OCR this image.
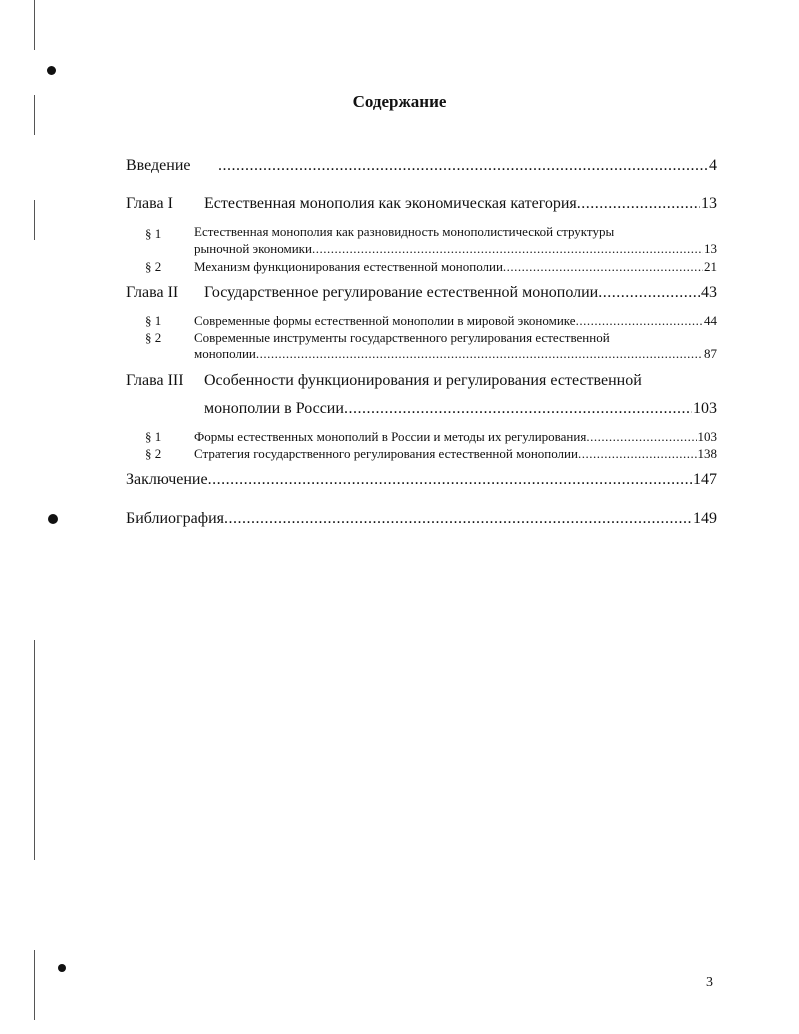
Содержание
Введение .....	4
Глава I	Естественная монополия как экономическая категория .....	13
§ 1	Естественная монополия как разновидность монополистической структуры
рыночной экономики .....	13
§ 2	Механизм функционирования естественной монополии .....	21
Глава II	Государственное регулирование естественной монополии .....	43
§ 1	Современные формы естественной монополии в мировой экономике .....	44
§ 2	Современные инструменты государственного регулирования естественной
монополии .....	87
Глава III Особенности функционирования и регулирования естественной
монополии в России .....	103
§ 1	Формы естественных монополий в России и методы их регулирования .....	103
§ 2	Стратегия государственного регулирования естественной монополии .....	138
Заключение .....	147
Библиография .....	149
3
